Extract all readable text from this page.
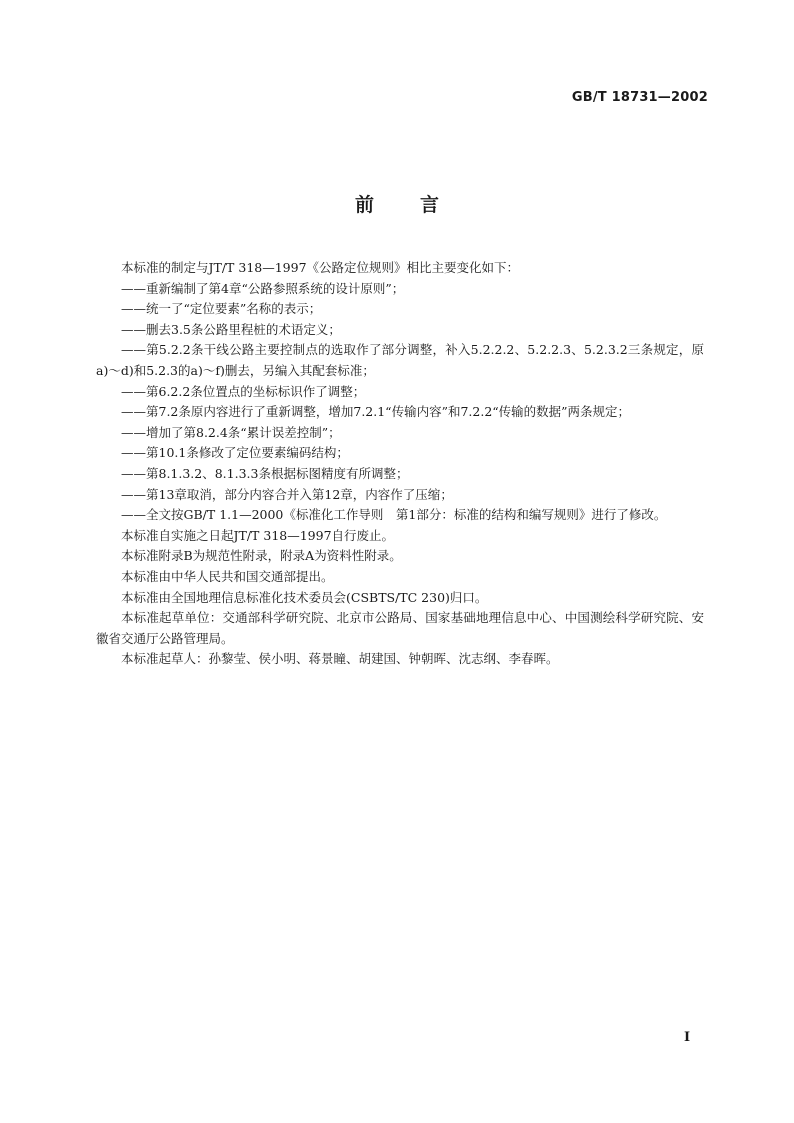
GB/T 18731—2002
前言

本标准的制定与JT/T 318—1997《公路定位规则》相比主要变化如下：

——重新编制了第4章“公路参照系统的设计原则”；

——统一了“定位要素”名称的表示；

——删去3.5条公路里程桩的术语定义；

——第5.2.2条干线公路主要控制点的选取作了部分调整，补入5.2.2.2、5.2.2.3、5.2.3.2三条规定，原a)～d)和5.2.3的a)～f)删去，另编入其配套标准；

——第6.2.2条位置点的坐标标识作了调整；

——第7.2条原内容进行了重新调整，增加7.2.1“传输内容”和7.2.2“传输的数据”两条规定；

——增加了第8.2.4条“累计误差控制”；

——第10.1条修改了定位要素编码结构；

——第8.1.3.2、8.1.3.3条根据标图精度有所调整；

——第13章取消，部分内容合并入第12章，内容作了压缩；

——全文按GB/T 1.1—2000《标准化工作导则　第1部分：标准的结构和编写规则》进行了修改。

本标准自实施之日起JT/T 318—1997自行废止。

本标准附录B为规范性附录，附录A为资料性附录。

本标准由中华人民共和国交通部提出。

本标准由全国地理信息标准化技术委员会(CSBTS/TC 230)归口。

本标准起草单位：交通部科学研究院、北京市公路局、国家基础地理信息中心、中国测绘科学研究院、安徽省交通厅公路管理局。

本标准起草人：孙黎莹、侯小明、蒋景瞳、胡建国、钟朝晖、沈志纲、李春晖。

Ⅰ
